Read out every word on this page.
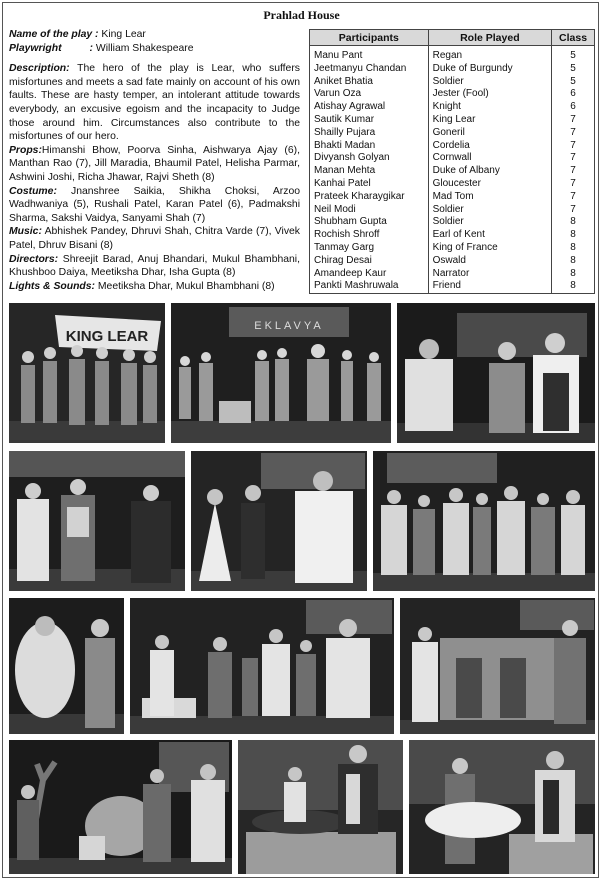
Prahlad House

Name of the play : King Lear

Playwright	: William Shakespeare

Description: The hero of the play is Lear, who suffers misfortunes and meets a sad fate mainly on account of his own faults. These are hasty temper, an intolerant attitude towards everybody, an excusive egoism and the incapacity to Judge those around him. Circumstances also contribute to the misfortunes of our hero.

Props:Himanshi Bhow, Poorva Sinha, Aishwarya Ajay (6), Manthan Rao (7), Jill Maradia, Bhaumil Patel, Helisha Parmar, Ashwini Joshi, Richa Jhawar, Rajvi Sheth (8)

Costume: Jnanshree Saikia, Shikha Choksi, Arzoo Wadhwaniya (5), Rushali Patel, Karan Patel (6), Padmakshi Sharma, Sakshi Vaidya, Sanyami Shah (7)

Music: Abhishek Pandey, Dhruvi Shah, Chitra Varde (7), Vivek Patel, Dhruv Bisani (8)

Directors: Shreejit Barad, Anuj Bhandari, Mukul Bhambhani, Khushboo Daiya, Meetiksha Dhar, Isha Gupta (8)

Lights & Sounds: Meetiksha Dhar, Mukul Bhambhani (8)

Participants	Role Played	Class
Manu Pant	Regan	5
Jeetmanyu Chandan	Duke of Burgundy	5
Aniket Bhatia	Soldier	5
Varun Oza	Jester (Fool)	6
Atishay Agrawal	Knight	6
Sautik Kumar	King Lear	7
Shailly Pujara	Goneril	7
Bhakti Madan	Cordelia	7
Divyansh Golyan	Cornwall	7
Manan Mehta	Duke of Albany	7
Kanhai Patel	Gloucester	7
Prateek Kharaygikar	Mad Tom	7
Neil Modi	Soldier	7
Shubham Gupta	Soldier	8
Rochish Shroff	Earl of Kent	8
Tanmay Garg	King of France	8
Chirag Desai	Oswald	8
Amandeep Kaur	Narrator	8
Pankti Mashruwala	Friend	8
KING LEAR
EKLAVYA
